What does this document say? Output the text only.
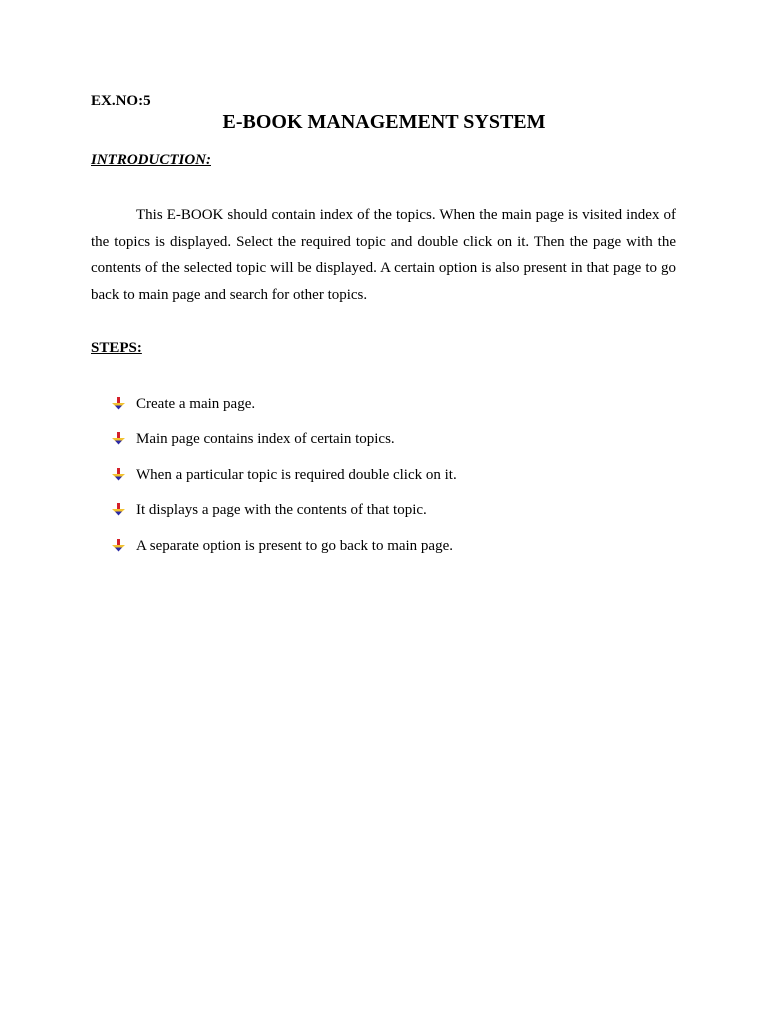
EX.NO:5
E-BOOK MANAGEMENT SYSTEM
INTRODUCTION:

This E-BOOK should contain index of the topics. When the main page is visited index of the topics is displayed. Select the required topic and double click on it. Then the page with the contents of the selected topic will be displayed. A certain option is also present in that page to go back to main page and search for other topics.

STEPS:
Create a main page.
Main page contains index of certain topics.
When a particular topic is required double click on it.
It displays a page with the contents of that topic.
A separate option is present to go back to main page.
